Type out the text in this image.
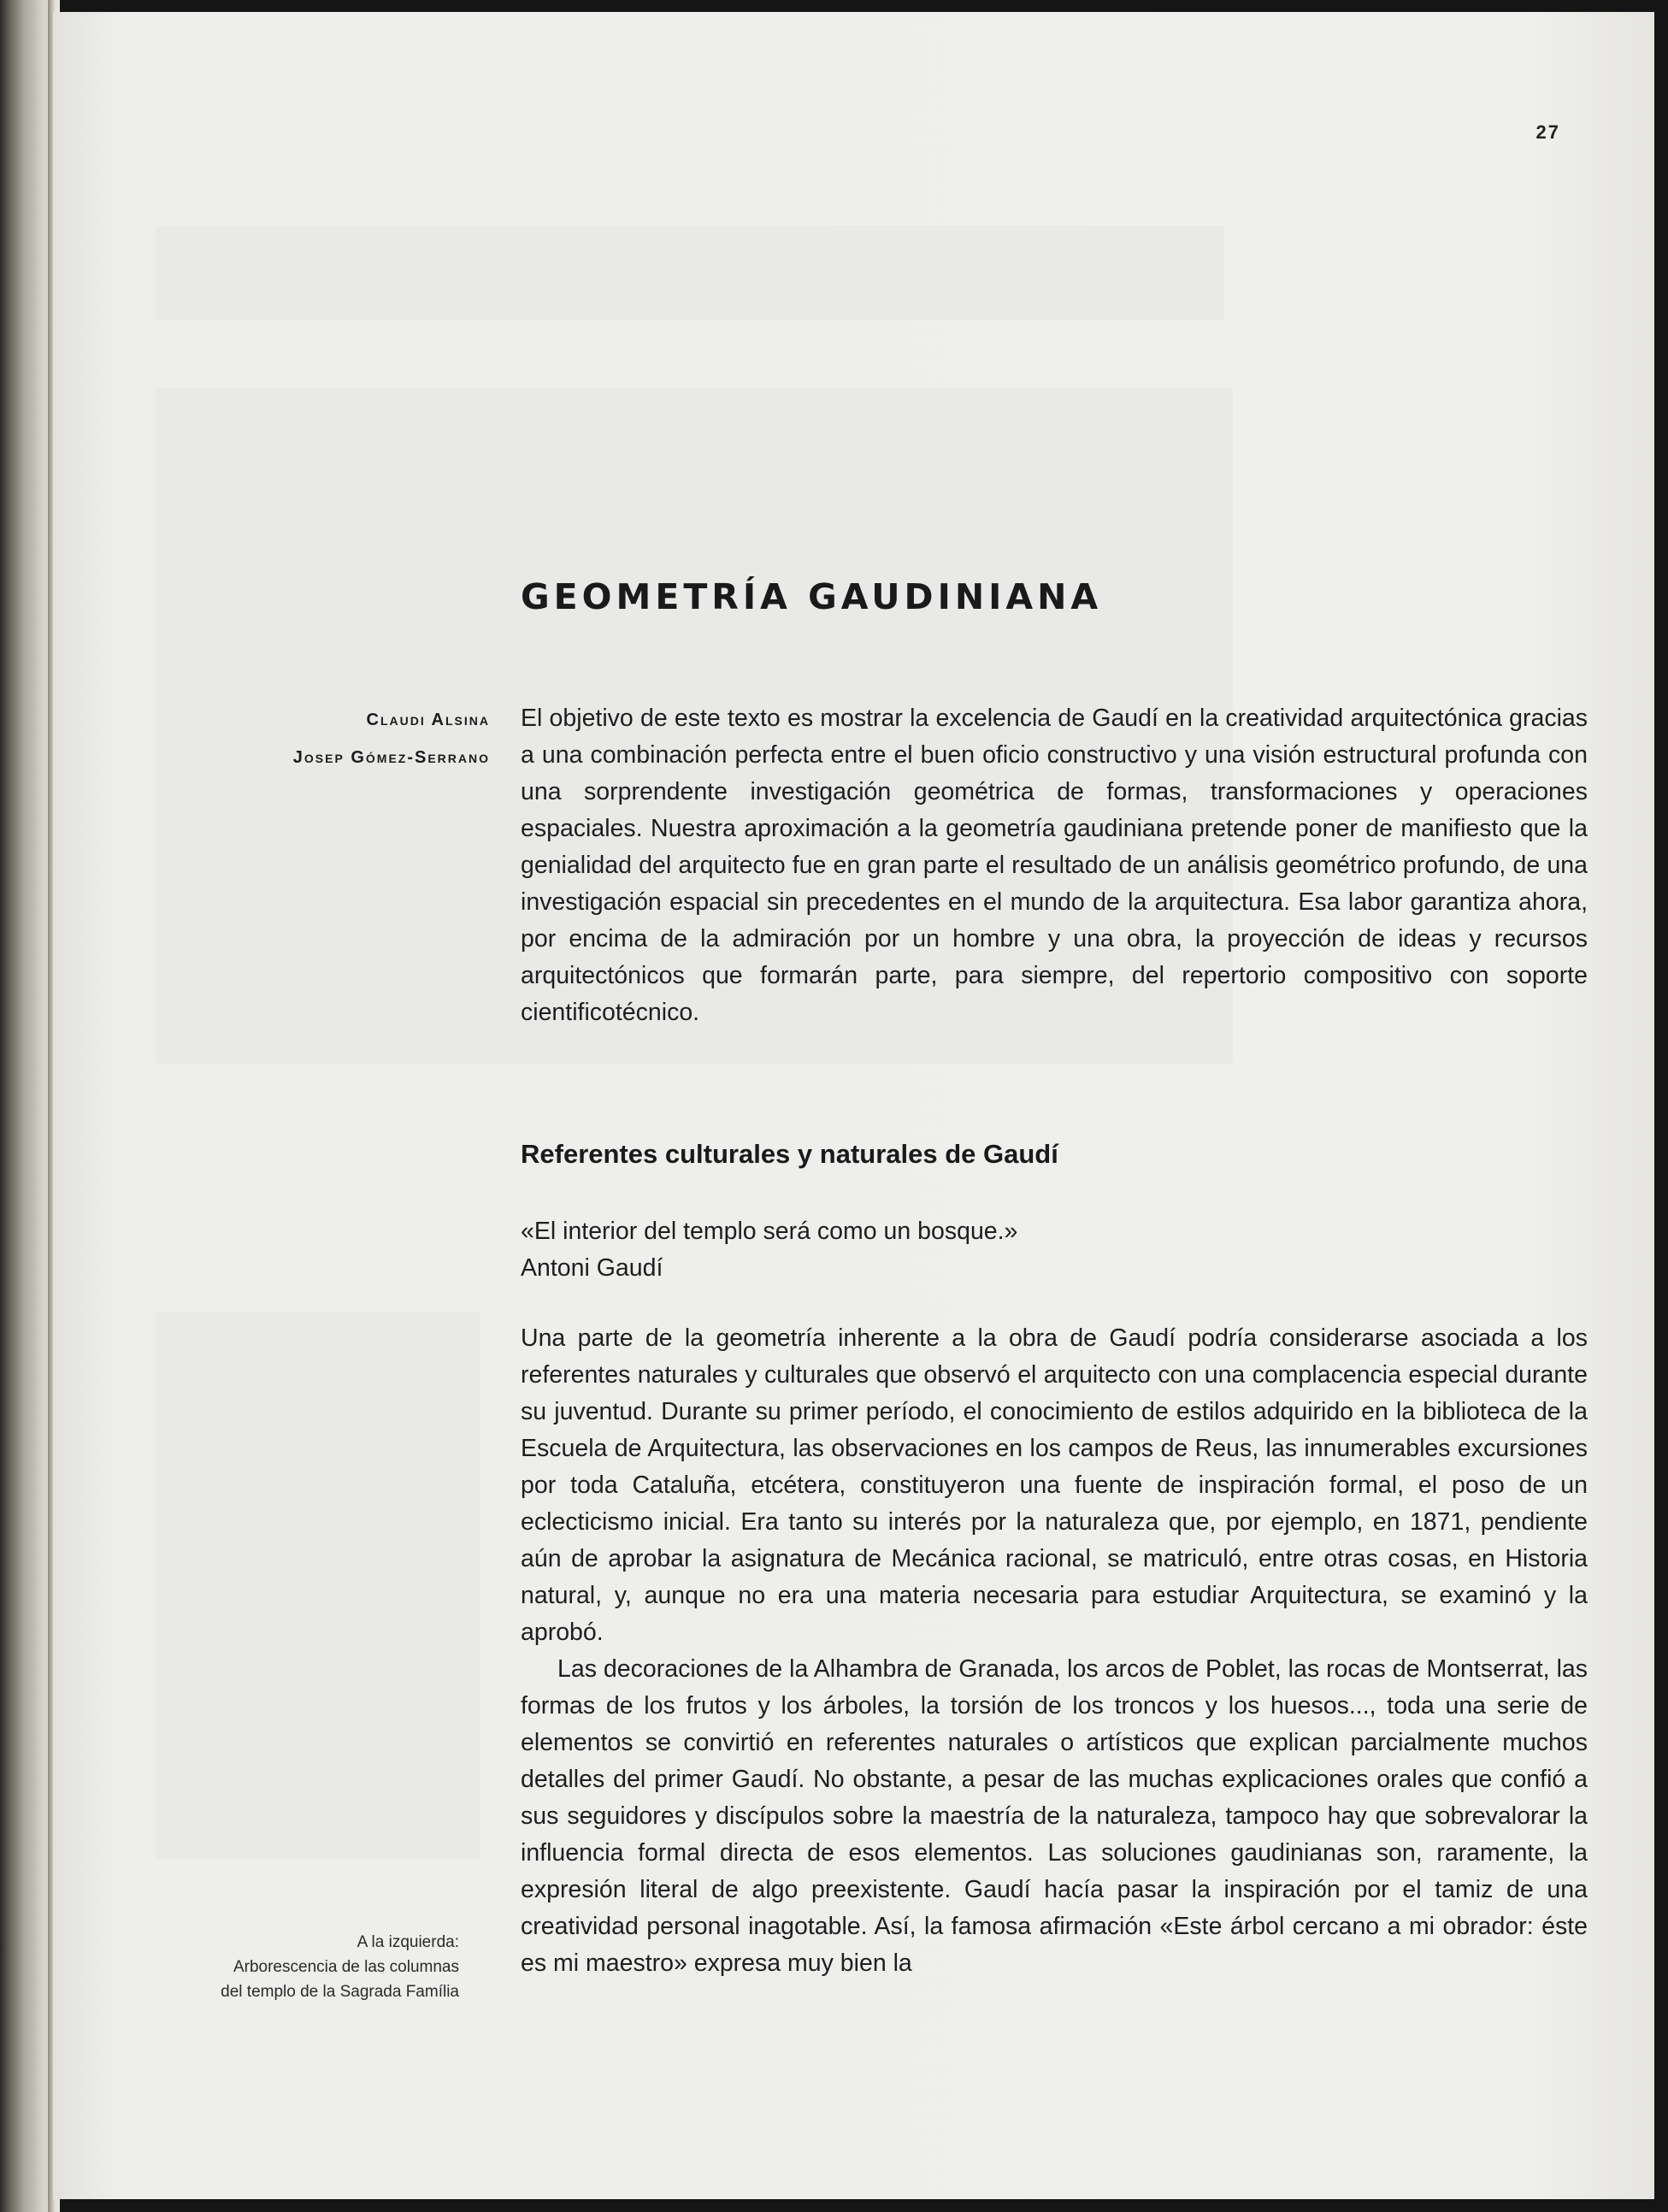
27
GEOMETRÍA GAUDINIANA
Claudi Alsina
Josep Gómez-Serrano

El objetivo de este texto es mostrar la excelencia de Gaudí en la creatividad arquitectónica gracias a una combinación perfecta entre el buen oficio constructivo y una visión estructural profunda con una sorprendente investigación geométrica de formas, transformaciones y operaciones espaciales. Nuestra aproximación a la geometría gaudiniana pretende poner de manifiesto que la genialidad del arquitecto fue en gran parte el resultado de un análisis geométrico profundo, de una investigación espacial sin precedentes en el mundo de la arquitectura. Esa labor garantiza ahora, por encima de la admiración por un hombre y una obra, la proyección de ideas y recursos arquitectónicos que formarán parte, para siempre, del repertorio compositivo con soporte cientificotécnico.

Referentes culturales y naturales de Gaudí
«El interior del templo será como un bosque.»
Antoni Gaudí

Una parte de la geometría inherente a la obra de Gaudí podría considerarse asociada a los referentes naturales y culturales que observó el arquitecto con una complacencia especial durante su juventud. Durante su primer período, el conocimiento de estilos adquirido en la biblioteca de la Escuela de Arquitectura, las observaciones en los campos de Reus, las innumerables excursiones por toda Cataluña, etcétera, constituyeron una fuente de inspiración formal, el poso de un eclecticismo inicial. Era tanto su interés por la naturaleza que, por ejemplo, en 1871, pendiente aún de aprobar la asignatura de Mecánica racional, se matriculó, entre otras cosas, en Historia natural, y, aunque no era una materia necesaria para estudiar Arquitectura, se examinó y la aprobó.

Las decoraciones de la Alhambra de Granada, los arcos de Poblet, las rocas de Montserrat, las formas de los frutos y los árboles, la torsión de los troncos y los huesos..., toda una serie de elementos se convirtió en referentes naturales o artísticos que explican parcialmente muchos detalles del primer Gaudí. No obstante, a pesar de las muchas explicaciones orales que confió a sus seguidores y discípulos sobre la maestría de la naturaleza, tampoco hay que sobrevalorar la influencia formal directa de esos elementos. Las soluciones gaudinianas son, raramente, la expresión literal de algo preexistente. Gaudí hacía pasar la inspiración por el tamiz de una creatividad personal inagotable. Así, la famosa afirmación «Este árbol cercano a mi obrador: éste es mi maestro» expresa muy bien la

A la izquierda:
Arborescencia de las columnas
del templo de la Sagrada Família
